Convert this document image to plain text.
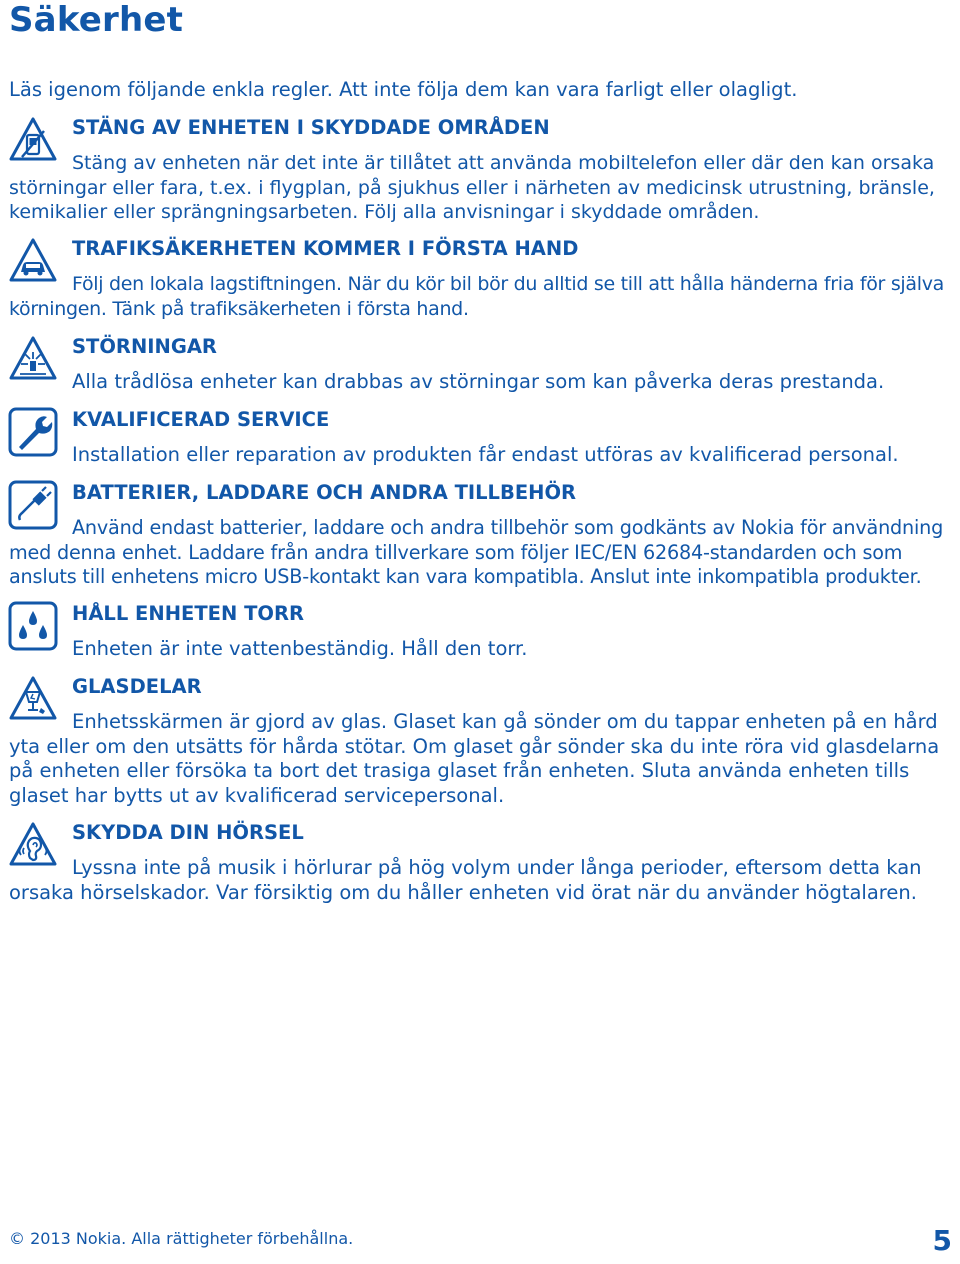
Säkerhet

Läs igenom följande enkla regler. Att inte följa dem kan vara farligt eller olagligt.

STÄNG AV ENHETEN I SKYDDADE OMRÅDEN

Stäng av enheten när det inte är tillåtet att använda mobiltelefon eller där den kan orsaka störningar eller fara, t.ex. i flygplan, på sjukhus eller i närheten av medicinsk utrustning, bränsle, kemikalier eller sprängningsarbeten. Följ alla anvisningar i skyddade områden.

TRAFIKSÄKERHETEN KOMMER I FÖRSTA HAND

Följ den lokala lagstiftningen. När du kör bil bör du alltid se till att hålla händerna fria för själva körningen. Tänk på trafiksäkerheten i första hand.

STÖRNINGAR

Alla trådlösa enheter kan drabbas av störningar som kan påverka deras prestanda.

KVALIFICERAD SERVICE

Installation eller reparation av produkten får endast utföras av kvalificerad personal.

BATTERIER, LADDARE OCH ANDRA TILLBEHÖR

Använd endast batterier, laddare och andra tillbehör som godkänts av Nokia för användning med denna enhet. Laddare från andra tillverkare som följer IEC/EN 62684-standarden och som ansluts till enhetens micro USB-kontakt kan vara kompatibla. Anslut inte inkompatibla produkter.

HÅLL ENHETEN TORR

Enheten är inte vattenbeständig. Håll den torr.

GLASDELAR

Enhetsskärmen är gjord av glas. Glaset kan gå sönder om du tappar enheten på en hård yta eller om den utsätts för hårda stötar. Om glaset går sönder ska du inte röra vid glasdelarna på enheten eller försöka ta bort det trasiga glaset från enheten. Sluta använda enheten tills glaset har bytts ut av kvalificerad servicepersonal.

SKYDDA DIN HÖRSEL

Lyssna inte på musik i hörlurar på hög volym under långa perioder, eftersom detta kan orsaka hörselskador. Var försiktig om du håller enheten vid örat när du använder högtalaren.

© 2013 Nokia. Alla rättigheter förbehållna.	5
